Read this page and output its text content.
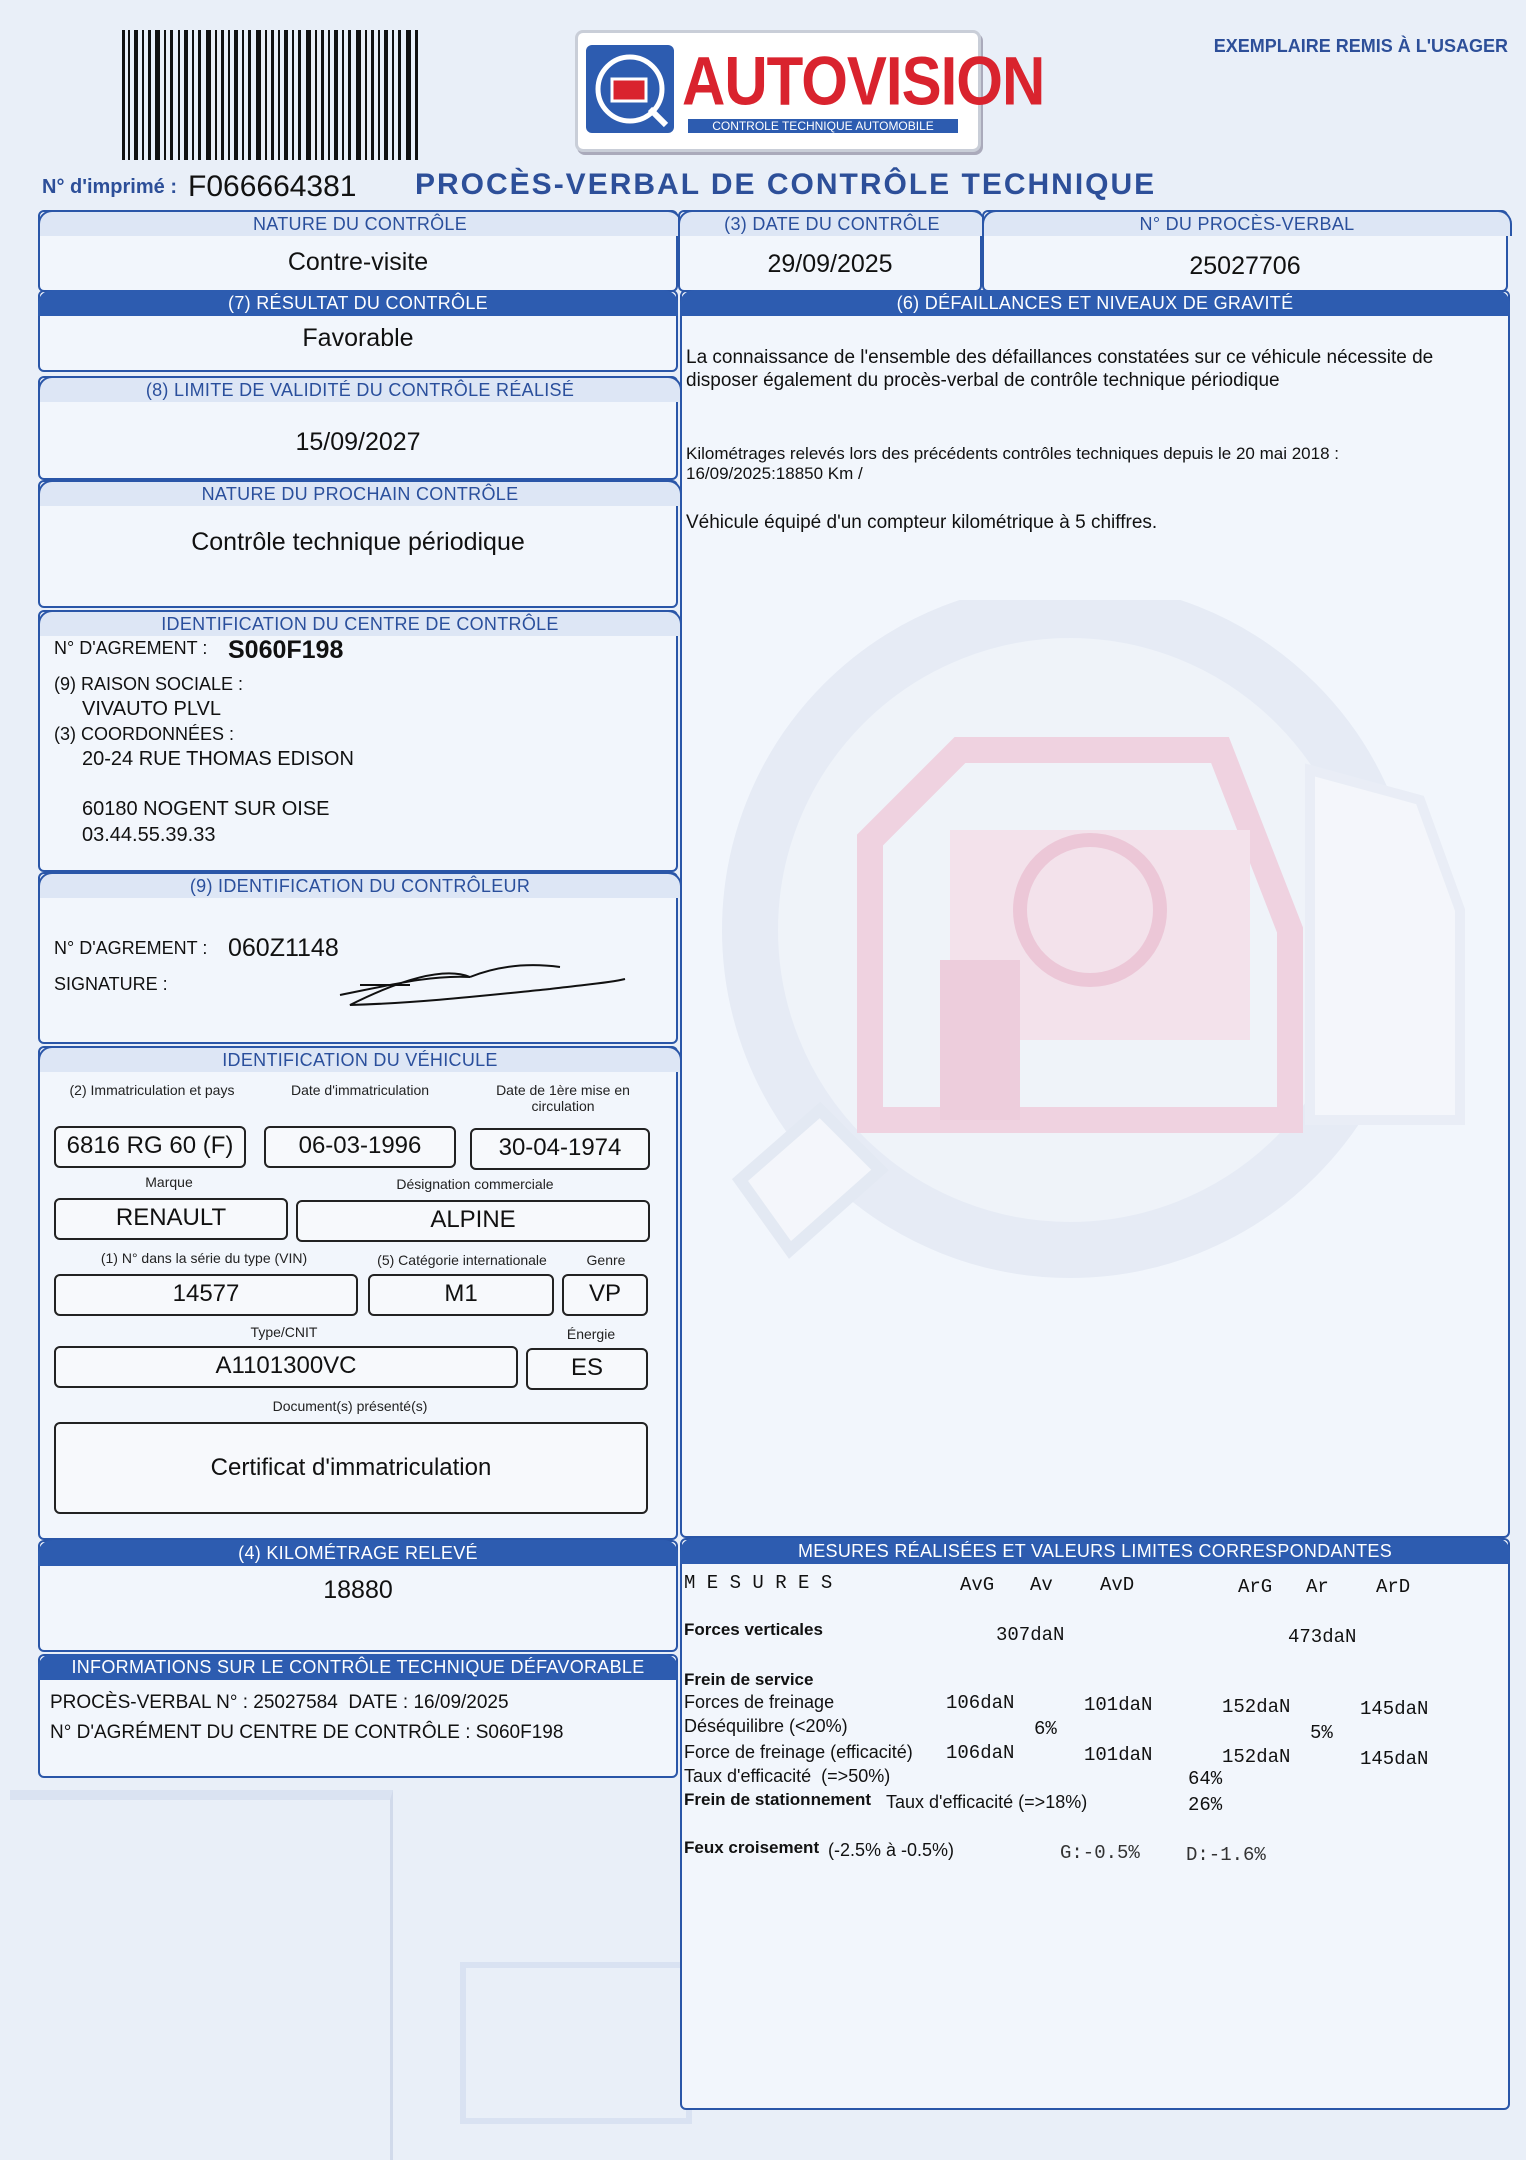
AUTOVISION
CONTROLE TECHNIQUE AUTOMOBILE
EXEMPLAIRE REMIS À L'USAGER
N° d'imprimé : F066664381 PROCÈS-VERBAL DE CONTRÔLE TECHNIQUE
NATURE DU CONTRÔLE
Contre-visite
(3) DATE DU CONTRÔLE
29/09/2025
N° DU PROCÈS-VERBAL
25027706
(7) RÉSULTAT DU CONTRÔLE
Favorable
(8) LIMITE DE VALIDITÉ DU CONTRÔLE RÉALISÉ
15/09/2027
NATURE DU PROCHAIN CONTRÔLE
Contrôle technique périodique
IDENTIFICATION DU CENTRE DE CONTRÔLE
N° D'AGREMENT : S060F198
(9) RAISON SOCIALE :
VIVAUTO PLVL
(3) COORDONNÉES :
20-24 RUE THOMAS EDISON
60180 NOGENT SUR OISE
03.44.55.39.33
(9) IDENTIFICATION DU CONTRÔLEUR
N° D'AGREMENT : 060Z1148
SIGNATURE :
IDENTIFICATION DU VÉHICULE
(2) Immatriculation et pays	Date d'immatriculation	Date de 1ère mise en circulation
6816 RG 60 (F)	06-03-1996	30-04-1974
Marque	Désignation commerciale
RENAULT	ALPINE
(1) N° dans la série du type (VIN)	(5) Catégorie internationale	Genre
14577	M1	VP
Type/CNIT	Énergie
A1101300VC	ES
Document(s) présenté(s)
Certificat d'immatriculation
(4) KILOMÉTRAGE RELEVÉ
18880
INFORMATIONS SUR LE CONTRÔLE TECHNIQUE DÉFAVORABLE
PROCÈS-VERBAL N° : 25027584  DATE : 16/09/2025
N° D'AGRÉMENT DU CENTRE DE CONTRÔLE : S060F198
(6) DÉFAILLANCES ET NIVEAUX DE GRAVITÉ
La connaissance de l'ensemble des défaillances constatées sur ce véhicule nécessite de disposer également du procès-verbal de contrôle technique périodique
Kilométrages relevés lors des précédents contrôles techniques depuis le 20 mai 2018 :
16/09/2025:18850 Km /
Véhicule équipé d'un compteur kilométrique à 5 chiffres.
MESURES RÉALISÉES ET VALEURS LIMITES CORRESPONDANTES
M E S U R E S	AvG Av AvD	ArG Ar ArD
Forces verticales	307daN	473daN
Frein de service
Forces de freinage	106daN	101daN	152daN	145daN
Déséquilibre (<20%)	6%	5%
Force de freinage (efficacité) 106daN	101daN	152daN	145daN
Taux d'efficacité  (=>50%)	64%
Frein de stationnement Taux d'efficacité (=>18%)	26%
Feux croisement (-2.5% à -0.5%)	G:-0.5% D:-1.6%
